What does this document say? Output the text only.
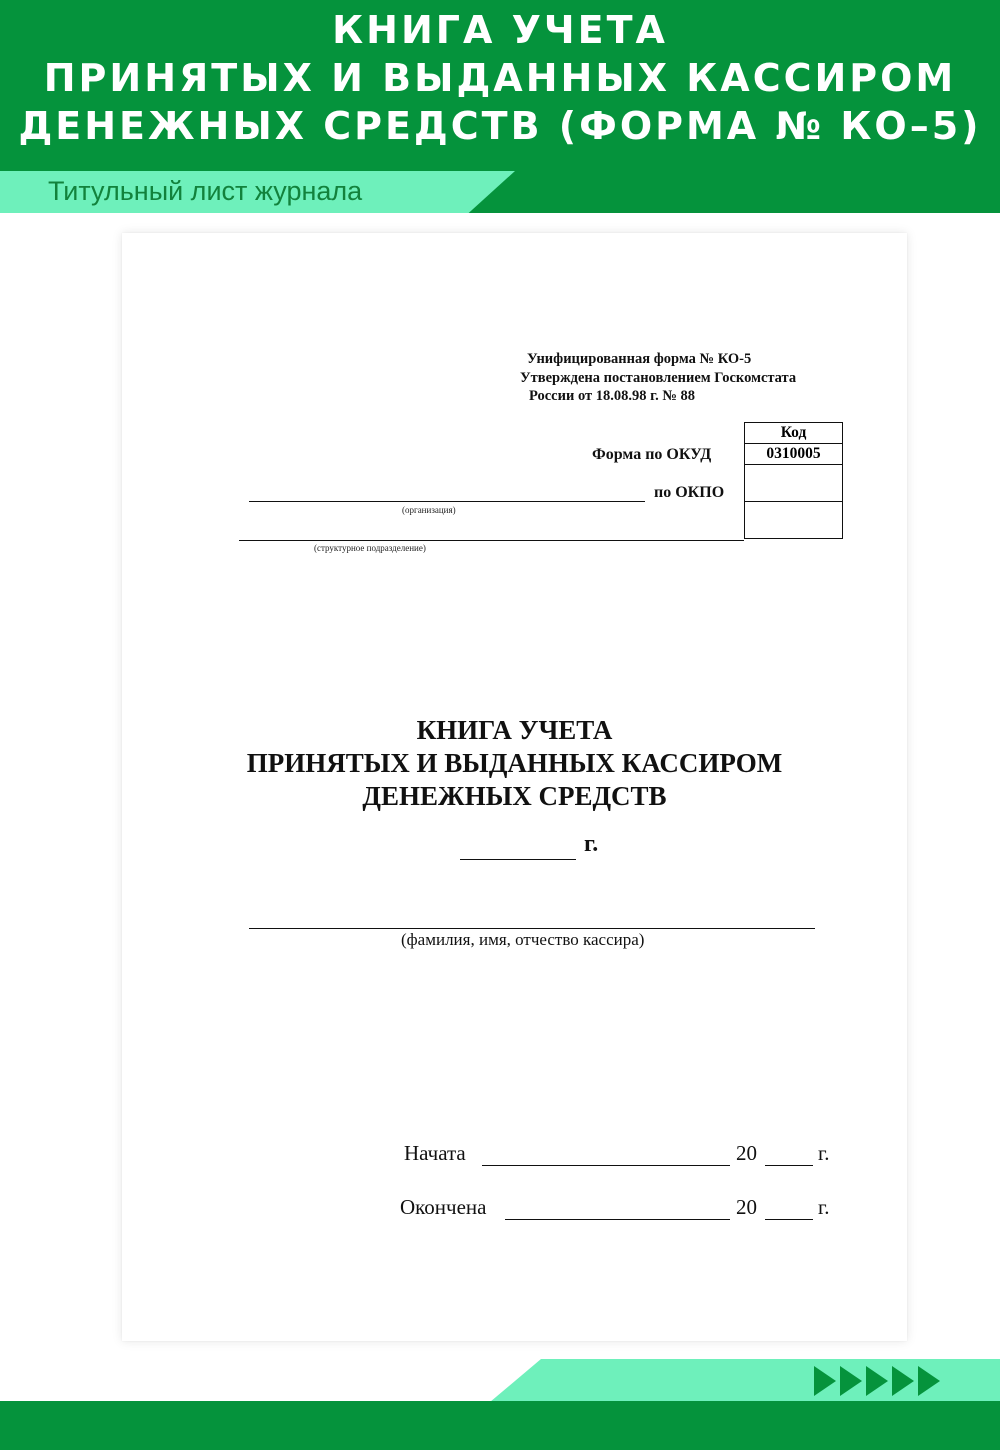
КНИГА УЧЕТА
ПРИНЯТЫХ И ВЫДАННЫХ КАССИРОМ
ДЕНЕЖНЫХ СРЕДСТВ (ФОРМА № КО–5)
Титульный лист журнала
Унифицированная форма № КО-5
Утверждена постановлением Госкомстата
России от 18.08.98 г. № 88
Код
0310005

Форма по ОКУД
по ОКПО
(организация)
(структурное подразделение)
КНИГА УЧЕТА
ПРИНЯТЫХ И ВЫДАННЫХ КАССИРОМ
ДЕНЕЖНЫХ СРЕДСТВ
г.
(фамилия, имя, отчество кассира)
Начата	20	г.
Окончена	20	г.
